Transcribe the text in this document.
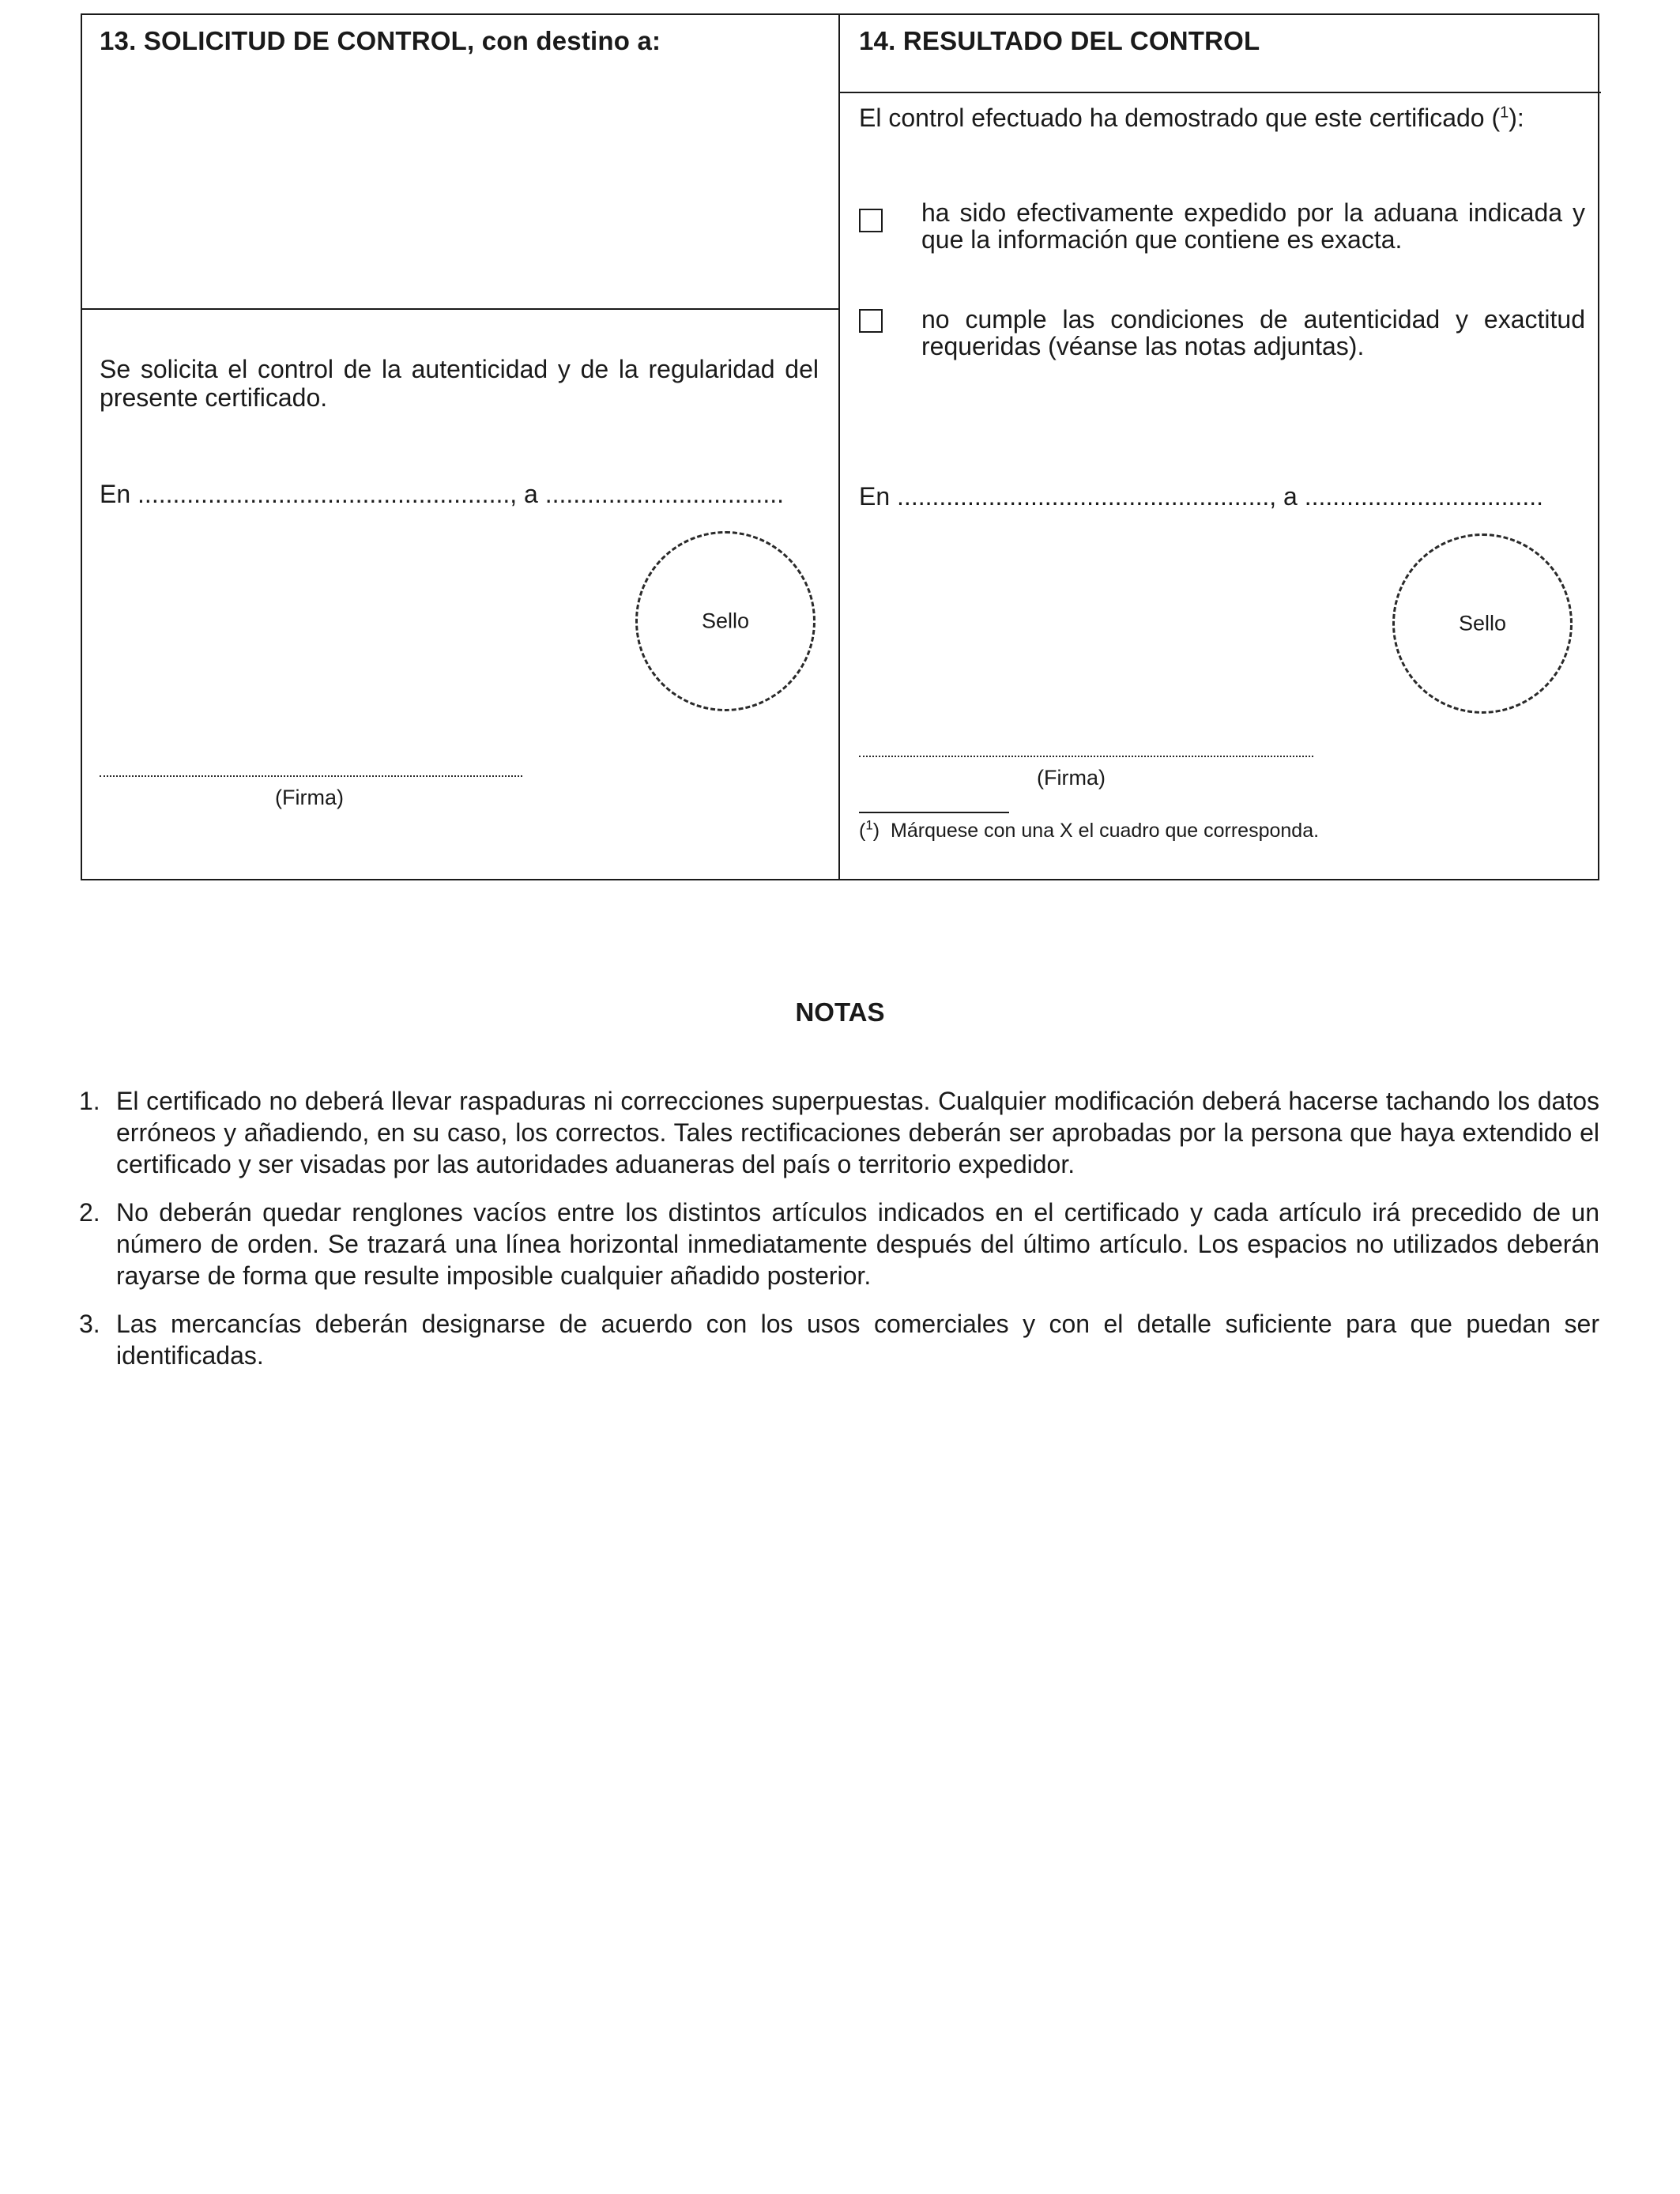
13. SOLICITUD DE CONTROL, con destino a:
Se solicita el control de la autenticidad y de la regularidad del presente certificado.
En ....................................................., a ..................................
Sello
(Firma)
14. RESULTADO DEL CONTROL
El control efectuado ha demostrado que este certificado ($^1$):
ha sido efectivamente expedido por la aduana indicada y que la información que contiene es exacta.
no cumple las condiciones de autenticidad y exactitud requeridas (véanse las notas adjuntas).
En ....................................................., a ..................................
Sello
(Firma)
($^1$) Márquese con una X el cuadro que corresponda.
NOTAS
1. El certificado no deberá llevar raspaduras ni correcciones superpuestas. Cualquier modificación deberá hacerse tachando los datos erróneos y añadiendo, en su caso, los correctos. Tales rectificaciones deberán ser aprobadas por la persona que haya extendido el certificado y ser visadas por las autoridades aduaneras del país o territorio expedidor.
2. No deberán quedar renglones vacíos entre los distintos artículos indicados en el certificado y cada artículo irá precedido de un número de orden. Se trazará una línea horizontal inmediatamente después del último artículo. Los espacios no utilizados deberán rayarse de forma que resulte imposible cualquier añadido posterior.
3. Las mercancías deberán designarse de acuerdo con los usos comerciales y con el detalle suficiente para que puedan ser identificadas.
